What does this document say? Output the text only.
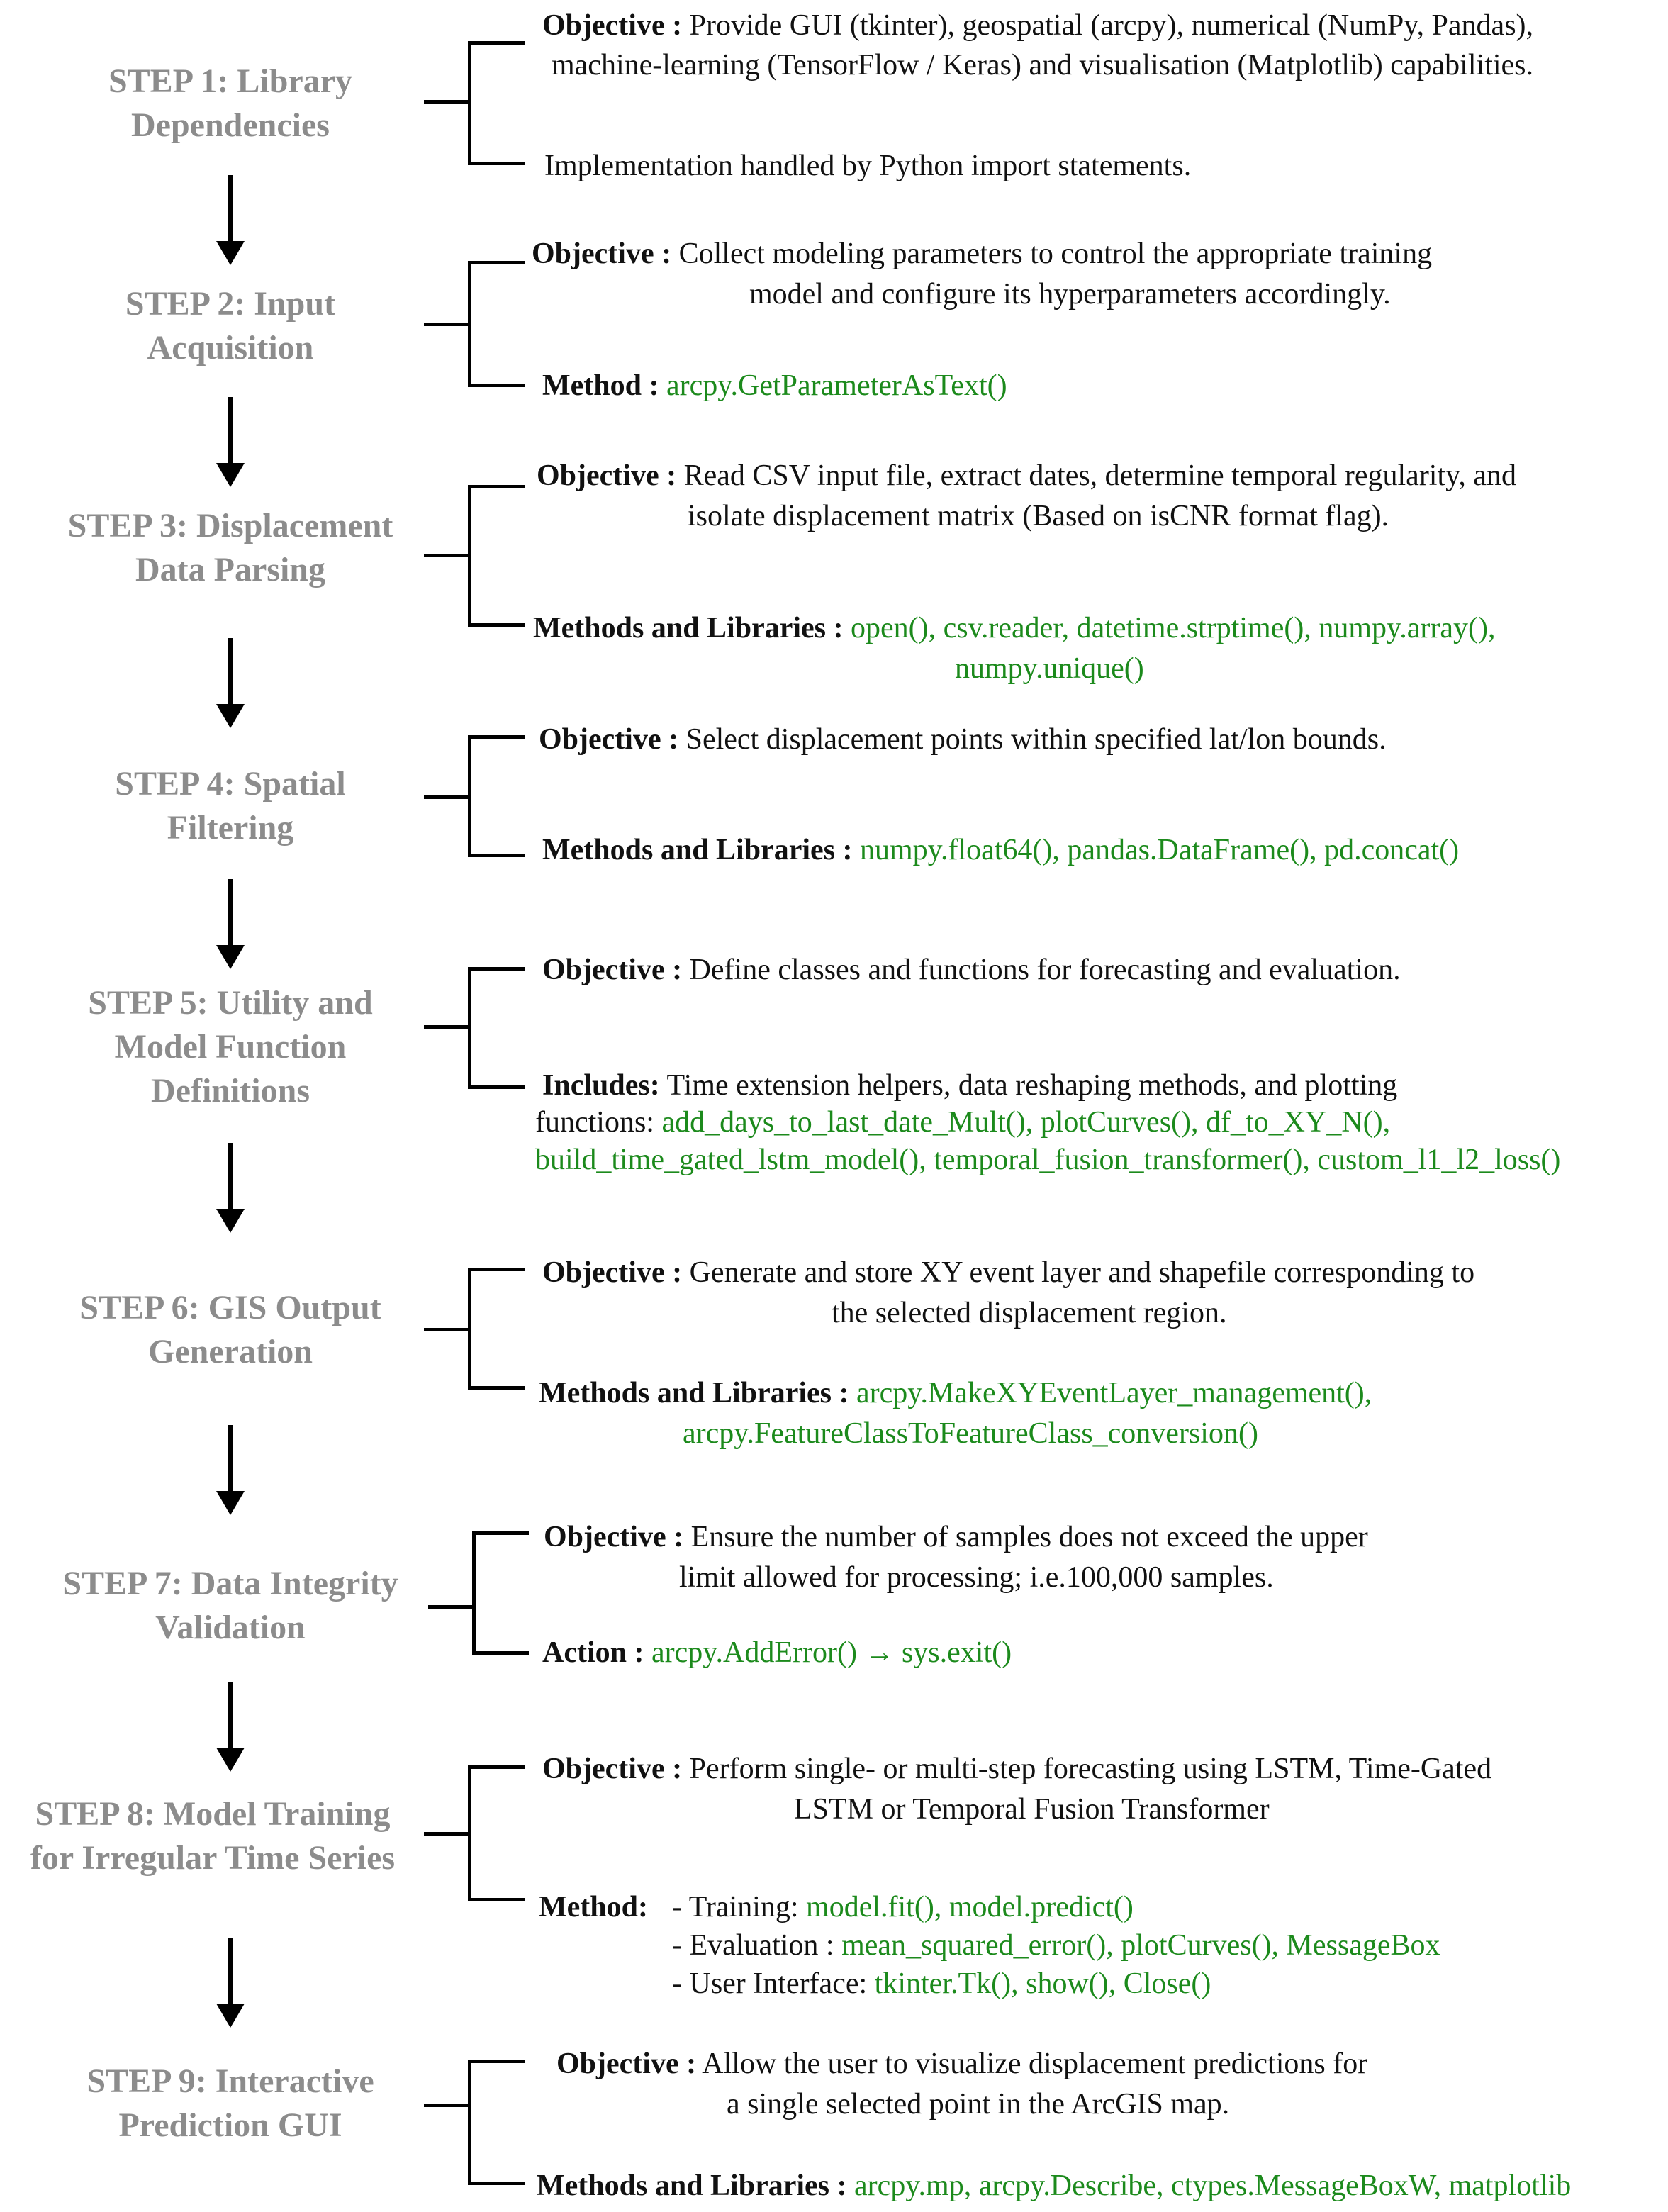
STEP 1: Library
Dependencies
Objective : Provide GUI (tkinter), geospatial (arcpy), numerical (NumPy, Pandas),
machine-learning (TensorFlow / Keras) and visualisation (Matplotlib) capabilities.
Implementation handled by Python import statements.
STEP 2: Input
Acquisition
Objective : Collect modeling parameters to control the appropriate training
model and configure its hyperparameters accordingly.
Method : arcpy.GetParameterAsText()
STEP 3: Displacement
Data Parsing
Objective : Read CSV input file, extract dates, determine temporal regularity, and
isolate displacement matrix (Based on isCNR format flag).
Methods and Libraries : open(), csv.reader, datetime.strptime(), numpy.array(),
numpy.unique()
STEP 4: Spatial
Filtering
Objective : Select displacement points within specified lat/lon bounds.
Methods and Libraries : numpy.float64(), pandas.DataFrame(), pd.concat()
STEP 5: Utility and
Model Function
Definitions
Objective : Define classes and functions for forecasting and evaluation.
Includes: Time extension helpers, data reshaping methods, and plotting
functions: add_days_to_last_date_Mult(), plotCurves(), df_to_XY_N(),
build_time_gated_lstm_model(), temporal_fusion_transformer(), custom_l1_l2_loss()
STEP 6: GIS Output
Generation
Objective : Generate and store XY event layer and shapefile corresponding to
the selected displacement region.
Methods and Libraries : arcpy.MakeXYEventLayer_management(),
arcpy.FeatureClassToFeatureClass_conversion()
STEP 7: Data Integrity
Validation
Objective : Ensure the number of samples does not exceed the upper
limit allowed for processing; i.e.100,000 samples.
Action : arcpy.AddError() → sys.exit()
STEP 8: Model Training
for Irregular Time Series
Objective : Perform single- or multi-step forecasting using LSTM, Time-Gated
LSTM or Temporal Fusion Transformer
Method: - Training: model.fit(), model.predict()
- Evaluation : mean_squared_error(), plotCurves(), MessageBox
- User Interface: tkinter.Tk(), show(), Close()
STEP 9: Interactive
Prediction GUI
Objective : Allow the user to visualize displacement predictions for
a single selected point in the ArcGIS map.
Methods and Libraries : arcpy.mp, arcpy.Describe, ctypes.MessageBoxW, matplotlib
